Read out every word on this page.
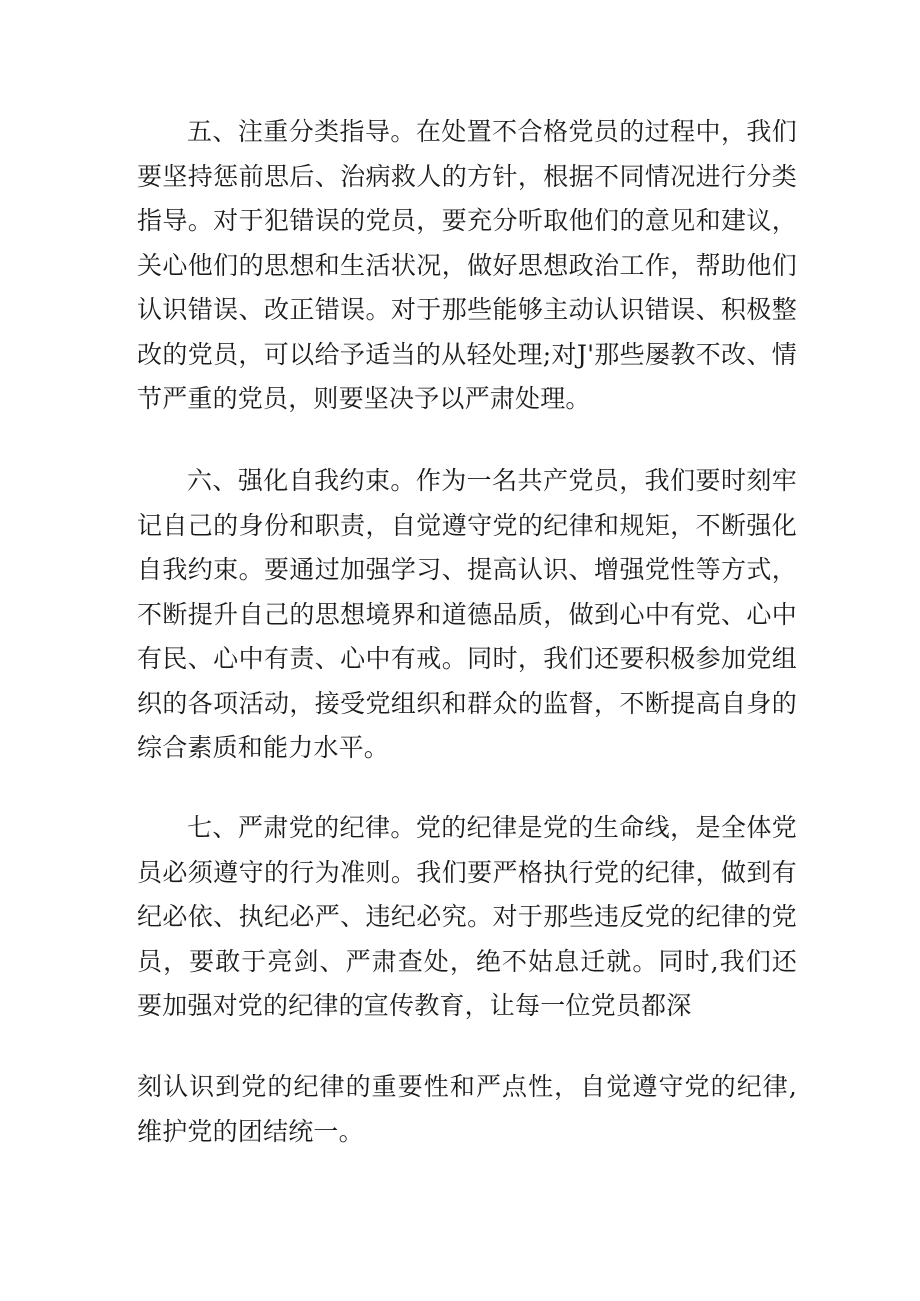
五、注重分类指导。在处置不合格党员的过程中，我们要坚持惩前思后、治病救人的方针，根据不同情况进行分类指导。对于犯错误的党员，要充分听取他们的意见和建议，关心他们的思想和生活状况，做好思想政治工作，帮助他们认识错误、改正错误。对于那些能够主动认识错误、积极整改的党员，可以给予适当的从轻处理;对J'那些屡教不改、情节严重的党员，则要坚决予以严肃处理。

六、强化自我约束。作为一名共产党员，我们要时刻牢记自己的身份和职责，自觉遵守党的纪律和规矩，不断强化自我约束。要通过加强学习、提高认识、增强党性等方式，不断提升自己的思想境界和道德品质，做到心中有党、心中有民、心中有责、心中有戒。同时，我们还要积极参加党组织的各项活动，接受党组织和群众的监督，不断提高自身的综合素质和能力水平。

七、严肃党的纪律。党的纪律是党的生命线，是全体党员必须遵守的行为准则。我们要严格执行党的纪律，做到有纪必依、执纪必严、违纪必究。对于那些违反党的纪律的党员，要敢于亮剑、严肃查处，绝不姑息迁就。同时,我们还要加强对党的纪律的宣传教育，让每一位党员都深

刻认识到党的纪律的重要性和严点性，自觉遵守党的纪律,维护党的团结统一。
